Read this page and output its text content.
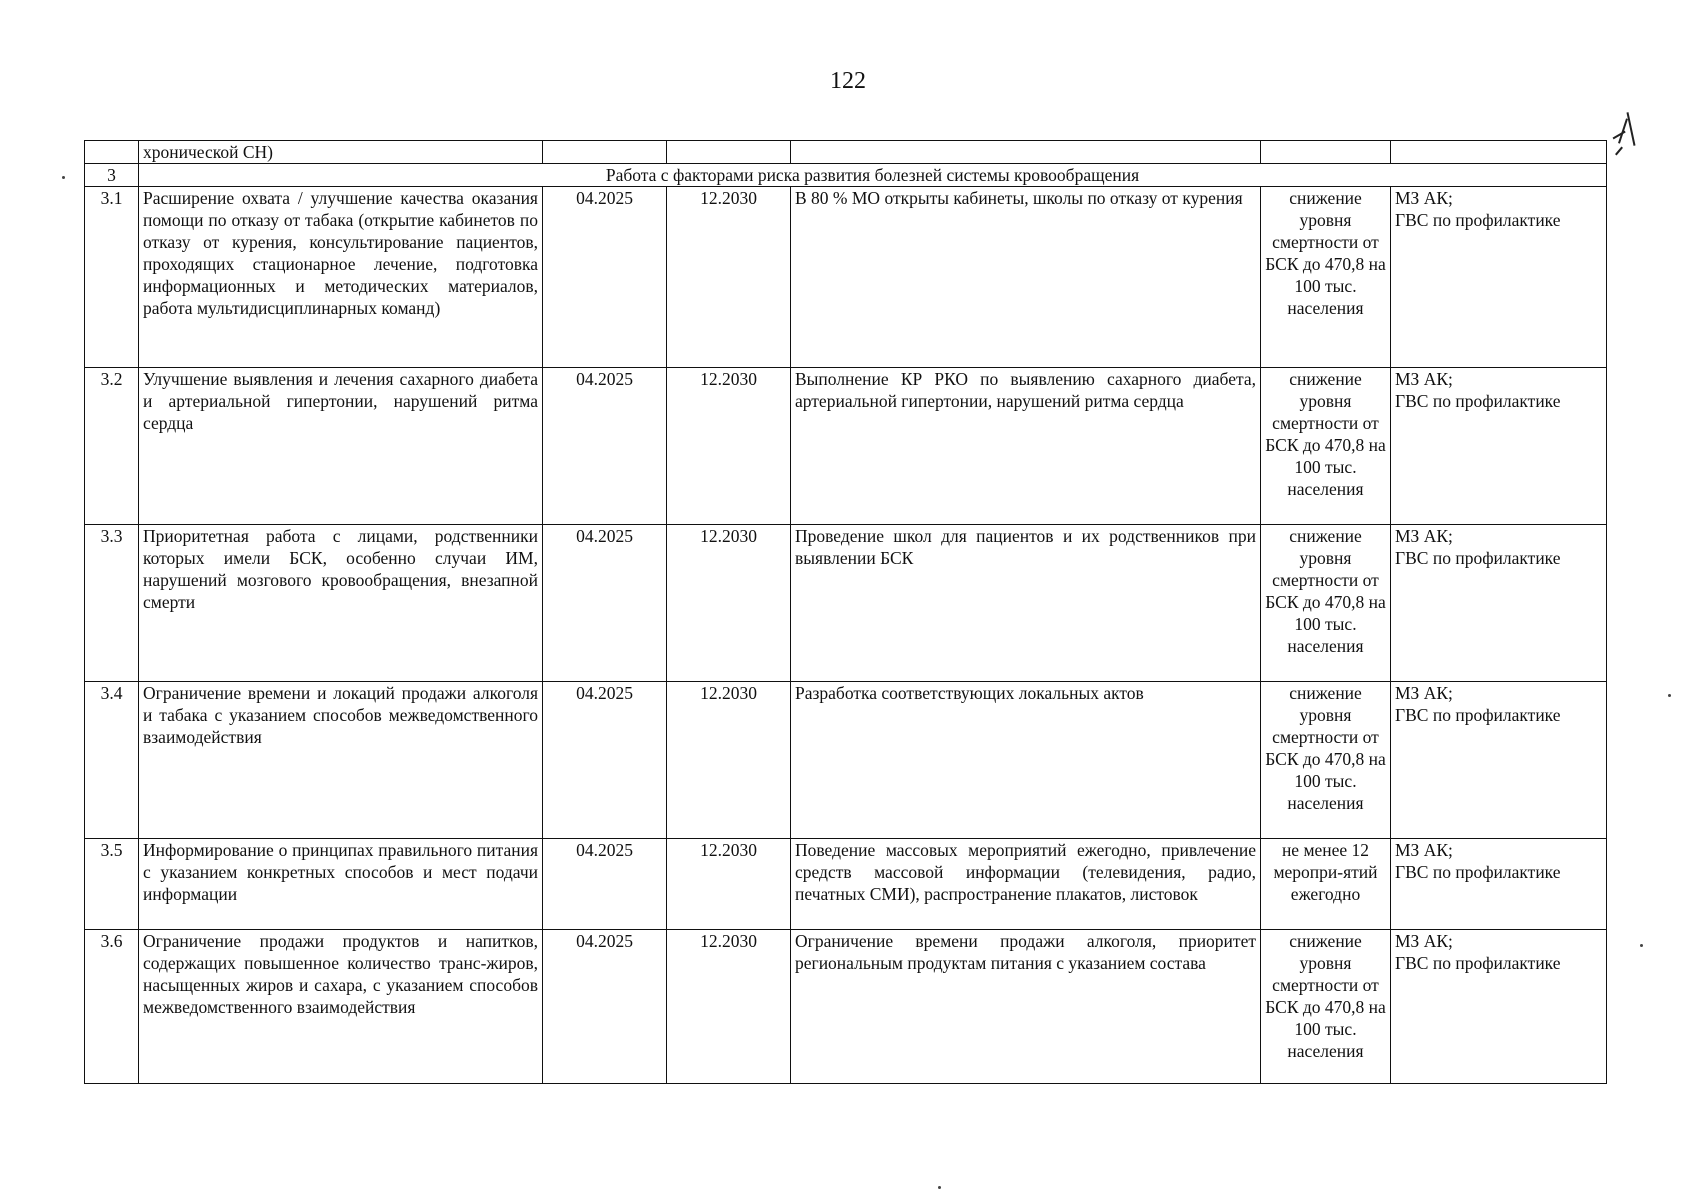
122
	хронической СН)					
3	Работа с факторами риска развития болезней системы кровообращения					
3.1	Расширение охвата / улучшение качества оказания помощи по отказу от табака (открытие кабинетов по отказу от курения, консультирование пациентов, проходящих стационарное лечение, подготовка информационных и методических материалов, работа мультидисциплинарных команд)	04.2025	12.2030	В 80 % МО открыты кабинеты, школы по отказу от курения	снижение уровня смертности от БСК до 470,8 на 100 тыс. населения	МЗ АК;
ГВС по профилактике

3.2	Улучшение выявления и лечения сахарного диабета и артериальной гипертонии, нарушений ритма сердца	04.2025	12.2030	Выполнение КР РКО по выявлению сахарного диабета, артериальной гипертонии, нарушений ритма сердца	снижение уровня смертности от БСК до 470,8 на 100 тыс. населения	МЗ АК;
ГВС по профилактике

3.3	Приоритетная работа с лицами, родственники которых имели БСК, особенно случаи ИМ, нарушений мозгового кровообращения, внезапной смерти	04.2025	12.2030	Проведение школ для пациентов и их родственников при выявлении БСК	снижение уровня смертности от БСК до 470,8 на 100 тыс. населения	МЗ АК;
ГВС по профилактике

3.4	Ограничение времени и локаций продажи алкоголя и табака с указанием способов межведомственного взаимодействия	04.2025	12.2030	Разработка соответствующих локальных актов	снижение уровня смертности от БСК до 470,8 на 100 тыс. населения	МЗ АК;
ГВС по профилактике

3.5	Информирование о принципах правильного питания с указанием конкретных способов и мест подачи информации	04.2025	12.2030	Поведение массовых мероприятий ежегодно, привлечение средств массовой информации (телевидения, радио, печатных СМИ), распространение плакатов, листовок	не менее 12 меропри-ятий ежегодно	МЗ АК;
ГВС по профилактике

3.6	Ограничение продажи продуктов и напитков, содержащих повышенное количество транс-жиров, насыщенных жиров и сахара, с указанием способов межведомственного взаимодействия	04.2025	12.2030	Ограничение времени продажи алкоголя, приоритет региональным продуктам питания с указанием состава	снижение уровня смертности от БСК до 470,8 на 100 тыс. населения	МЗ АК;
ГВС по профилактике
